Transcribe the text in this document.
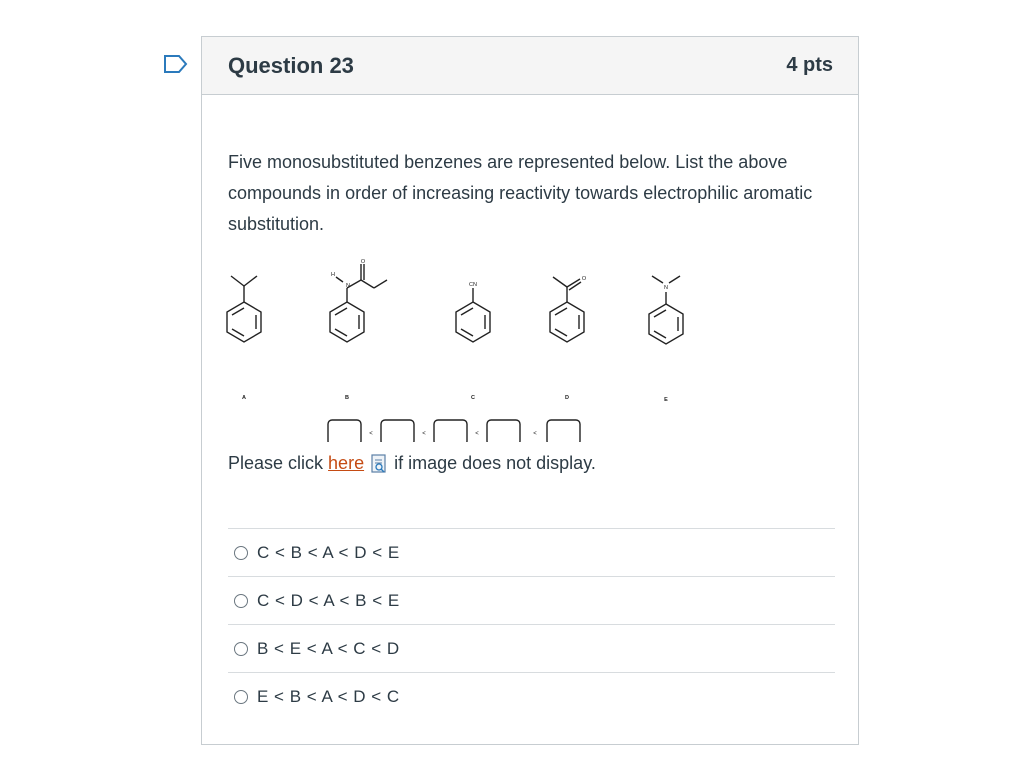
Question 23	4 pts
Five monosubstituted benzenes are represented below. List the above compounds in order of increasing reactivity towards electrophilic aromatic substitution.
A	B	C	D	E
H
N
O
CN
O
N
<	<	<	<
Please click here if image does not display.
C < B < A < D < E
C < D < A < B < E
B < E < A < C < D
E < B < A < D < C
